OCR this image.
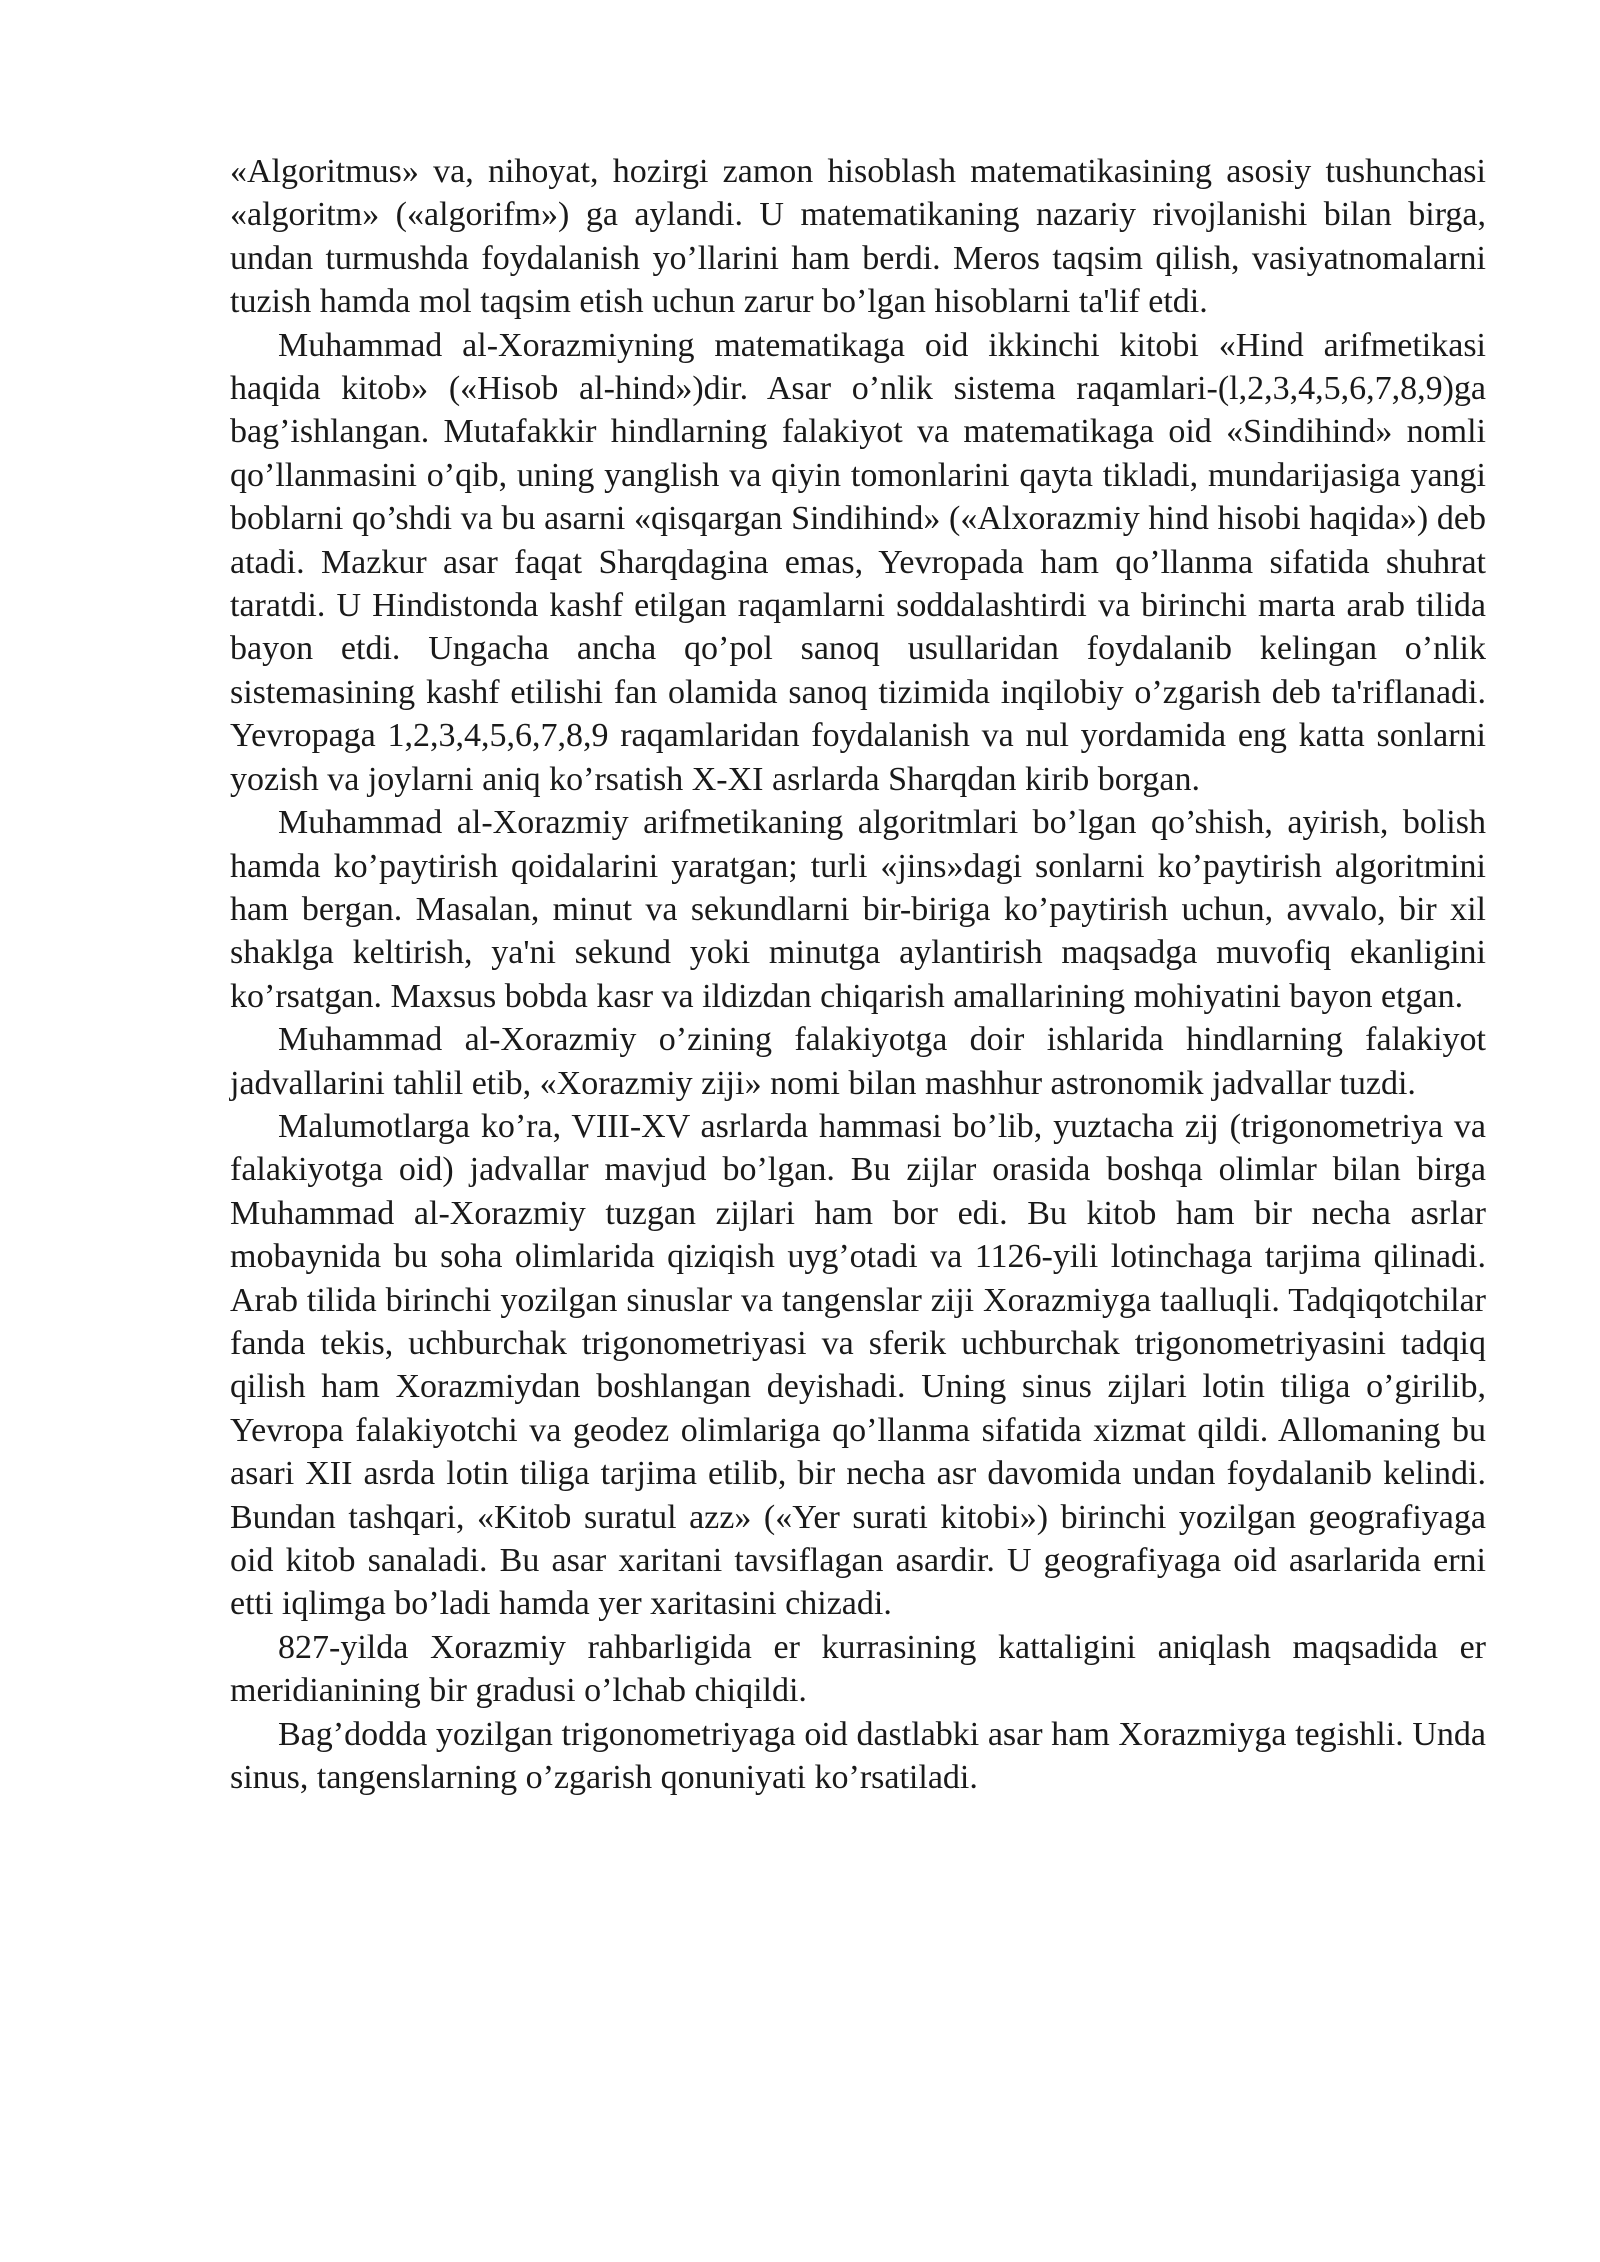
«Algoritmus» va, nihoyat, hozirgi zamon hisoblash matematikasining asosiy tushunchasi «algoritm» («algorifm») ga aylandi. U matematikaning nazariy rivojlanishi bilan birga, undan turmushda foydalanish yo’llarini ham berdi. Meros taqsim qilish, vasiyatnomalarni tuzish hamda mol taqsim etish uchun zarur bo’lgan hisoblarni ta'lif etdi.

Muhammad al-Xorazmiyning matematikaga oid ikkinchi kitobi «Hind arifmetikasi haqida kitob» («Hisob al-hind»)dir. Asar o’nlik sistema raqamlari-(l,2,3,4,5,6,7,8,9)ga bag’ishlangan. Mutafakkir hindlarning falakiyot va matematikaga oid «Sindihind» nomli qo’llanmasini o’qib, uning yanglish va qiyin tomonlarini qayta tikladi, mundarijasiga yangi boblarni qo’shdi va bu asarni «qisqargan Sindihind» («Alxorazmiy hind hisobi haqida») deb atadi. Mazkur asar faqat Sharqdagina emas, Yevropada ham qo’llanma sifatida shuhrat taratdi. U Hindistonda kashf etilgan raqamlarni soddalashtirdi va birinchi marta arab tilida bayon etdi. Ungacha ancha qo’pol sanoq usullaridan foydalanib kelingan o’nlik sistemasining kashf etilishi fan olamida sanoq tizimida inqilobiy o’zgarish deb ta'riflanadi. Yevropaga 1,2,3,4,5,6,7,8,9 raqamlaridan foydalanish va nul yordamida eng katta sonlarni yozish va joylarni aniq ko’rsatish X-XI asrlarda Sharqdan kirib borgan.

Muhammad al-Xorazmiy arifmetikaning algoritmlari bo’lgan qo’shish, ayirish, bolish hamda ko’paytirish qoidalarini yaratgan; turli «jins»dagi sonlarni ko’paytirish algoritmini ham bergan. Masalan, minut va sekundlarni bir-biriga ko’paytirish uchun, avvalo, bir xil shaklga keltirish, ya'ni sekund yoki minutga aylantirish maqsadga muvofiq ekanligini ko’rsatgan. Maxsus bobda kasr va ildizdan chiqarish amallarining mohiyatini bayon etgan.

Muhammad al-Xorazmiy o’zining falakiyotga doir ishlarida hindlarning falakiyot jadvallarini tahlil etib, «Xorazmiy ziji» nomi bilan mashhur astronomik jadvallar tuzdi.

Malumotlarga ko’ra, VIII-XV asrlarda hammasi bo’lib, yuztacha zij (trigonometriya va falakiyotga oid) jadvallar mavjud bo’lgan. Bu zijlar orasida boshqa olimlar bilan birga Muhammad al-Xorazmiy tuzgan zijlari ham bor edi. Bu kitob ham bir necha asrlar mobaynida bu soha olimlarida qiziqish uyg’otadi va 1126-yili lotinchaga tarjima qilinadi. Arab tilida birinchi yozilgan sinuslar va tangenslar ziji Xorazmiyga taalluqli. Tadqiqotchilar fanda tekis, uchburchak trigonometriyasi va sferik uchburchak trigonometriyasini tadqiq qilish ham Xorazmiydan boshlangan deyishadi. Uning sinus zijlari lotin tiliga o’girilib, Yevropa falakiyotchi va geodez olimlariga qo’llanma sifatida xizmat qildi. Allomaning bu asari XII asrda lotin tiliga tarjima etilib, bir necha asr davomida undan foydalanib kelindi. Bundan tashqari, «Kitob suratul azz» («Yer surati kitobi») birinchi yozilgan geografiyaga oid kitob sanaladi. Bu asar xaritani tavsiflagan asardir. U geografiyaga oid asarlarida erni etti iqlimga bo’ladi hamda yer xaritasini chizadi.

827-yilda Xorazmiy rahbarligida er kurrasining kattaligini aniqlash maqsadida er meridianining bir gradusi o’lchab chiqildi.

Bag’dodda yozilgan trigonometriyaga oid dastlabki asar ham Xorazmiyga tegishli. Unda sinus, tangenslarning o’zgarish qonuniyati ko’rsatiladi.
